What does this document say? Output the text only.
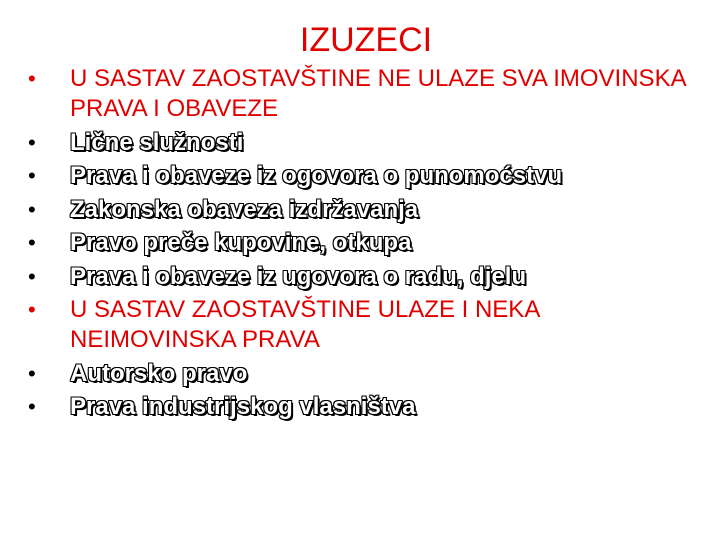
IZUZECI
• U SASTAV ZAOSTAVŠTINE NE ULAZE SVA IMOVINSKA PRAVA I OBAVEZE
• Lične služnosti
• Prava i obaveze iz ogovora o punomoćstvu
• Zakonska obaveza izdržavanja
• Pravo preče kupovine, otkupa
• Prava i obaveze iz ugovora o radu, djelu
• U SASTAV ZAOSTAVŠTINE ULAZE I NEKA NEIMOVINSKA PRAVA
• Autorsko pravo
• Prava industrijskog vlasništva
